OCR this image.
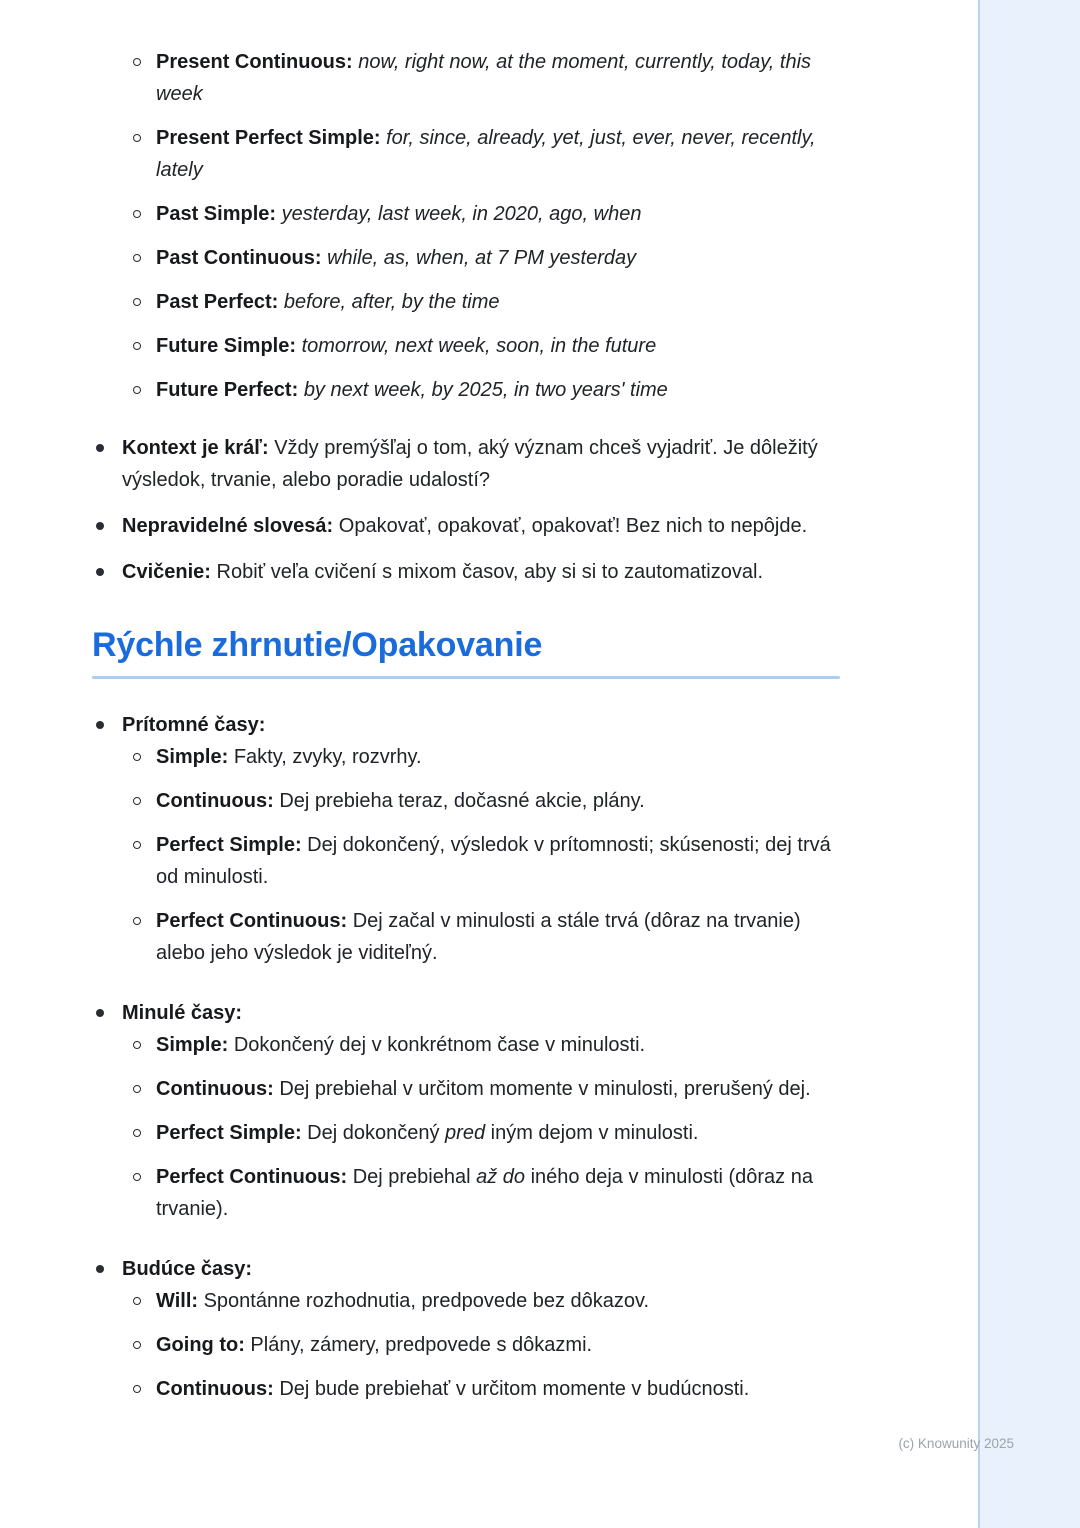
Present Continuous: now, right now, at the moment, currently, today, this week

Present Perfect Simple: for, since, already, yet, just, ever, never, recently, lately

Past Simple: yesterday, last week, in 2020, ago, when

Past Continuous: while, as, when, at 7 PM yesterday

Past Perfect: before, after, by the time

Future Simple: tomorrow, next week, soon, in the future

Future Perfect: by next week, by 2025, in two years' time

Kontext je kráľ: Vždy premýšľaj o tom, aký význam chceš vyjadriť. Je dôležitý výsledok, trvanie, alebo poradie udalostí?

Nepravidelné slovesá: Opakovať, opakovať, opakovať! Bez nich to nepôjde.

Cvičenie: Robiť veľa cvičení s mixom časov, aby si si to zautomatizoval.

Rýchle zhrnutie/Opakovanie

Prítomné časy:

Simple: Fakty, zvyky, rozvrhy.

Continuous: Dej prebieha teraz, dočasné akcie, plány.

Perfect Simple: Dej dokončený, výsledok v prítomnosti; skúsenosti; dej trvá od minulosti.

Perfect Continuous: Dej začal v minulosti a stále trvá (dôraz na trvanie) alebo jeho výsledok je viditeľný.

Minulé časy:

Simple: Dokončený dej v konkrétnom čase v minulosti.

Continuous: Dej prebiehal v určitom momente v minulosti, prerušený dej.

Perfect Simple: Dej dokončený pred iným dejom v minulosti.

Perfect Continuous: Dej prebiehal až do iného deja v minulosti (dôraz na trvanie).

Budúce časy:

Will: Spontánne rozhodnutia, predpovede bez dôkazov.

Going to: Plány, zámery, predpovede s dôkazmi.

Continuous: Dej bude prebiehať v určitom momente v budúcnosti.

(c) Knowunity 2025
